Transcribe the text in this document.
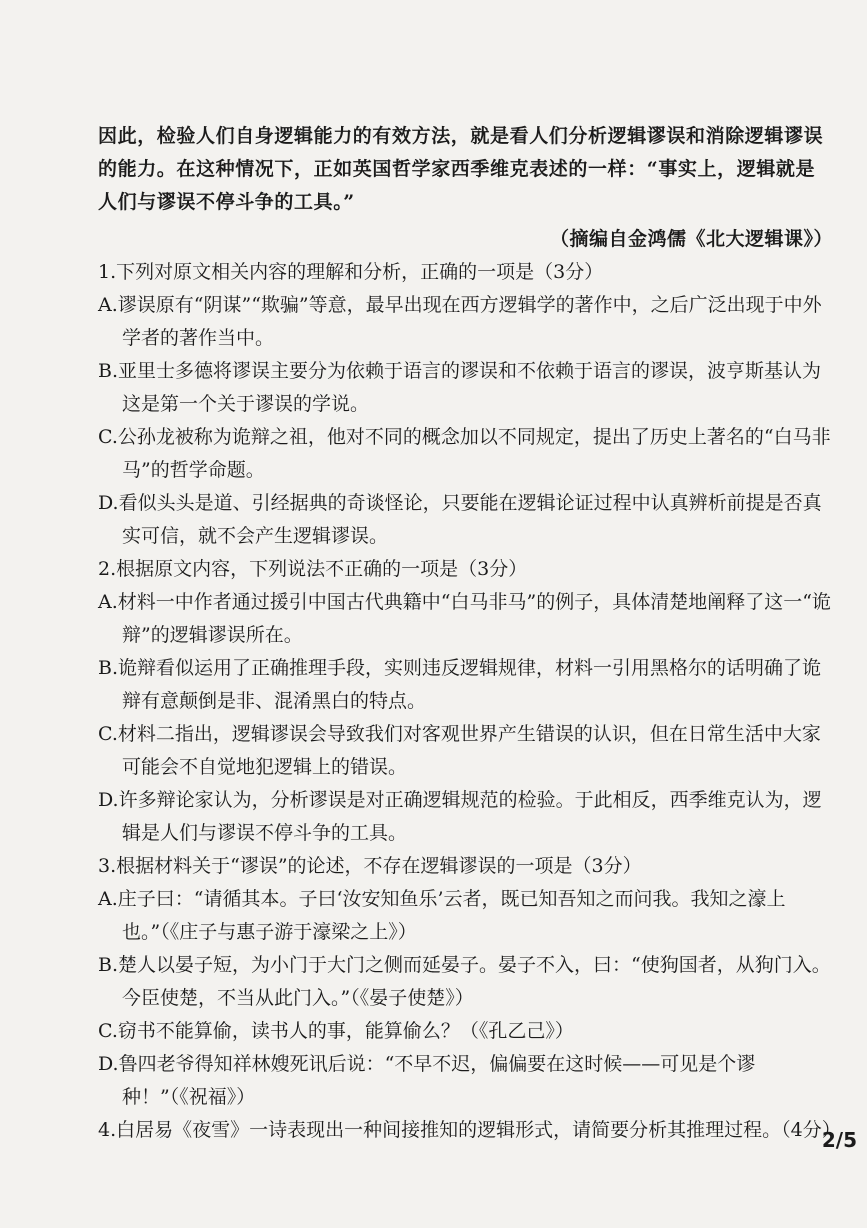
因此，检验人们自身逻辑能力的有效方法，就是看人们分析逻辑谬误和消除逻辑谬误的能力。在这种情况下，正如英国哲学家西季维克表述的一样：“事实上，逻辑就是人们与谬误不停斗争的工具。”

（摘编自金鸿儒《北大逻辑课》）

1.下列对原文相关内容的理解和分析，正确的一项是（3分）

A.谬误原有“阴谋”“欺骗”等意，最早出现在西方逻辑学的著作中，之后广泛出现于中外学者的著作当中。

B.亚里士多德将谬误主要分为依赖于语言的谬误和不依赖于语言的谬误，波亨斯基认为这是第一个关于谬误的学说。

C.公孙龙被称为诡辩之祖，他对不同的概念加以不同规定，提出了历史上著名的“白马非马”的哲学命题。

D.看似头头是道、引经据典的奇谈怪论，只要能在逻辑论证过程中认真辨析前提是否真实可信，就不会产生逻辑谬误。

2.根据原文内容，下列说法不正确的一项是（3分）

A.材料一中作者通过援引中国古代典籍中“白马非马”的例子，具体清楚地阐释了这一“诡辩”的逻辑谬误所在。

B.诡辩看似运用了正确推理手段，实则违反逻辑规律，材料一引用黑格尔的话明确了诡辩有意颠倒是非、混淆黑白的特点。

C.材料二指出，逻辑谬误会导致我们对客观世界产生错误的认识，但在日常生活中大家可能会不自觉地犯逻辑上的错误。

D.许多辩论家认为，分析谬误是对正确逻辑规范的检验。于此相反，西季维克认为，逻辑是人们与谬误不停斗争的工具。

3.根据材料关于“谬误”的论述，不存在逻辑谬误的一项是（3分）

A.庄子曰：“请循其本。子曰‘汝安知鱼乐’云者，既已知吾知之而问我。我知之濠上也。”（《庄子与惠子游于濠梁之上》）

B.楚人以晏子短，为小门于大门之侧而延晏子。晏子不入，曰：“使狗国者，从狗门入。今臣使楚，不当从此门入。”（《晏子使楚》）

C.窃书不能算偷，读书人的事，能算偷么？（《孔乙己》）

D.鲁四老爷得知祥林嫂死讯后说：“不早不迟，偏偏要在这时候——可见是个谬种！”（《祝福》）

4.白居易《夜雪》一诗表现出一种间接推知的逻辑形式，请简要分析其推理过程。（4分）

2/5
